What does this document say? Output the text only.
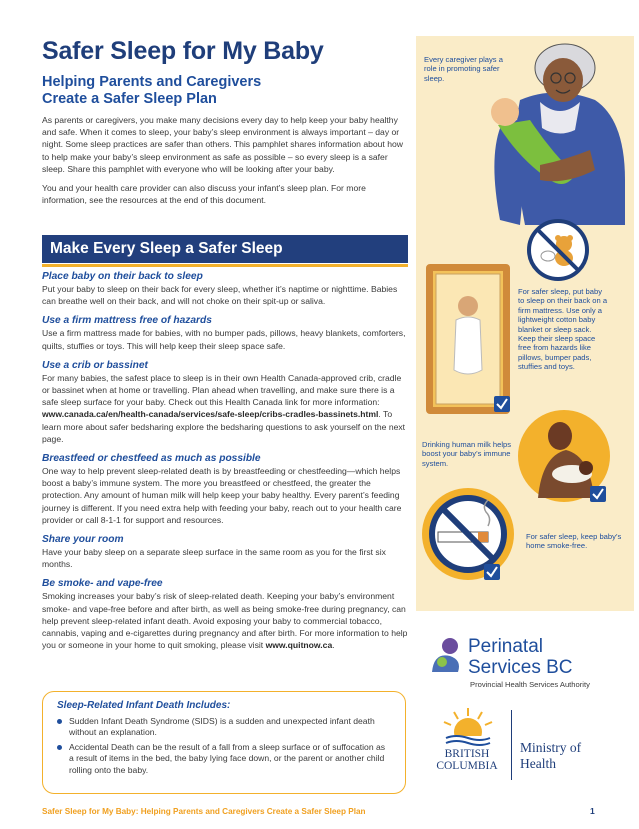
Safer Sleep for My Baby
Helping Parents and Caregivers
Create a Safer Sleep Plan

As parents or caregivers, you make many decisions every day to help keep your baby healthy and safe. When it comes to sleep, your baby’s sleep environment is always important – day or night. Some sleep practices are safer than others. This pamphlet shares information about how to help make your baby’s sleep environment as safe as possible – so every sleep is a safer sleep. Share this pamphlet with everyone who will be looking after your baby.

You and your health care provider can also discuss your infant’s sleep plan. For more information, see the resources at the end of this document.

Make Every Sleep a Safer Sleep
Place baby on their back to sleep

Put your baby to sleep on their back for every sleep, whether it’s naptime or nighttime. Babies can breathe well on their back, and will not choke on their spit-up or saliva.

Use a firm mattress free of hazards

Use a firm mattress made for babies, with no bumper pads, pillows, heavy blankets, comforters, quilts, stuffies or toys. This will help keep their sleep space safe.

Use a crib or bassinet

For many babies, the safest place to sleep is in their own Health Canada-approved crib, cradle or bassinet when at home or travelling. Plan ahead when travelling, and make sure there is a safe sleep surface for your baby. Check out this Health Canada link for more information: www.canada.ca/en/health-canada/services/safe-sleep/cribs-cradles-bassinets.html. To learn more about safer bedsharing explore the bedsharing questions to ask yourself on the next page.

Breastfeed or chestfeed as much as possible

One way to help prevent sleep-related death is by breastfeeding or chestfeeding—which helps boost a baby’s immune system. The more you breastfeed or chestfeed, the greater the protection. Any amount of human milk will help keep your baby healthy. Every parent’s feeding journey is different. If you need extra help with feeding your baby, reach out to your health care provider or call 8-1-1 for support and resources.

Share your room

Have your baby sleep on a separate sleep surface in the same room as you for the first six months.

Be smoke- and vape-free

Smoking increases your baby’s risk of sleep-related death. Keeping your baby’s environment smoke- and vape-free before and after birth, as well as being smoke-free during pregnancy, can help prevent sleep-related infant death. Avoid exposing your baby to commercial tobacco, cannabis, vaping and e-cigarettes during pregnancy and after birth. For more information to help you or someone in your home to quit smoking, please visit www.quitnow.ca.

Sleep-Related Infant Death Includes:
Sudden Infant Death Syndrome (SIDS) is a sudden and unexpected infant death without an explanation.
Accidental Death can be the result of a fall from a sleep surface or of suffocation as a result of items in the bed, the baby lying face down, or the parent or another child rolling onto the baby.
Safer Sleep for My Baby: Helping Parents and Caregivers Create a Safer Sleep Plan	1
Every caregiver plays a role in promoting safer sleep.
For safer sleep, put baby to sleep on their back on a firm mattress. Use only a lightweight cotton baby blanket or sleep sack. Keep their sleep space free from hazards like pillows, bumper pads, stuffies and toys.
Drinking human milk helps boost your baby’s immune system.
For safer sleep, keep baby’s home smoke-free.
Perinatal
Services BC
Provincial Health Services Authority
BRITISH
COLUMBIA
Ministry of
Health
